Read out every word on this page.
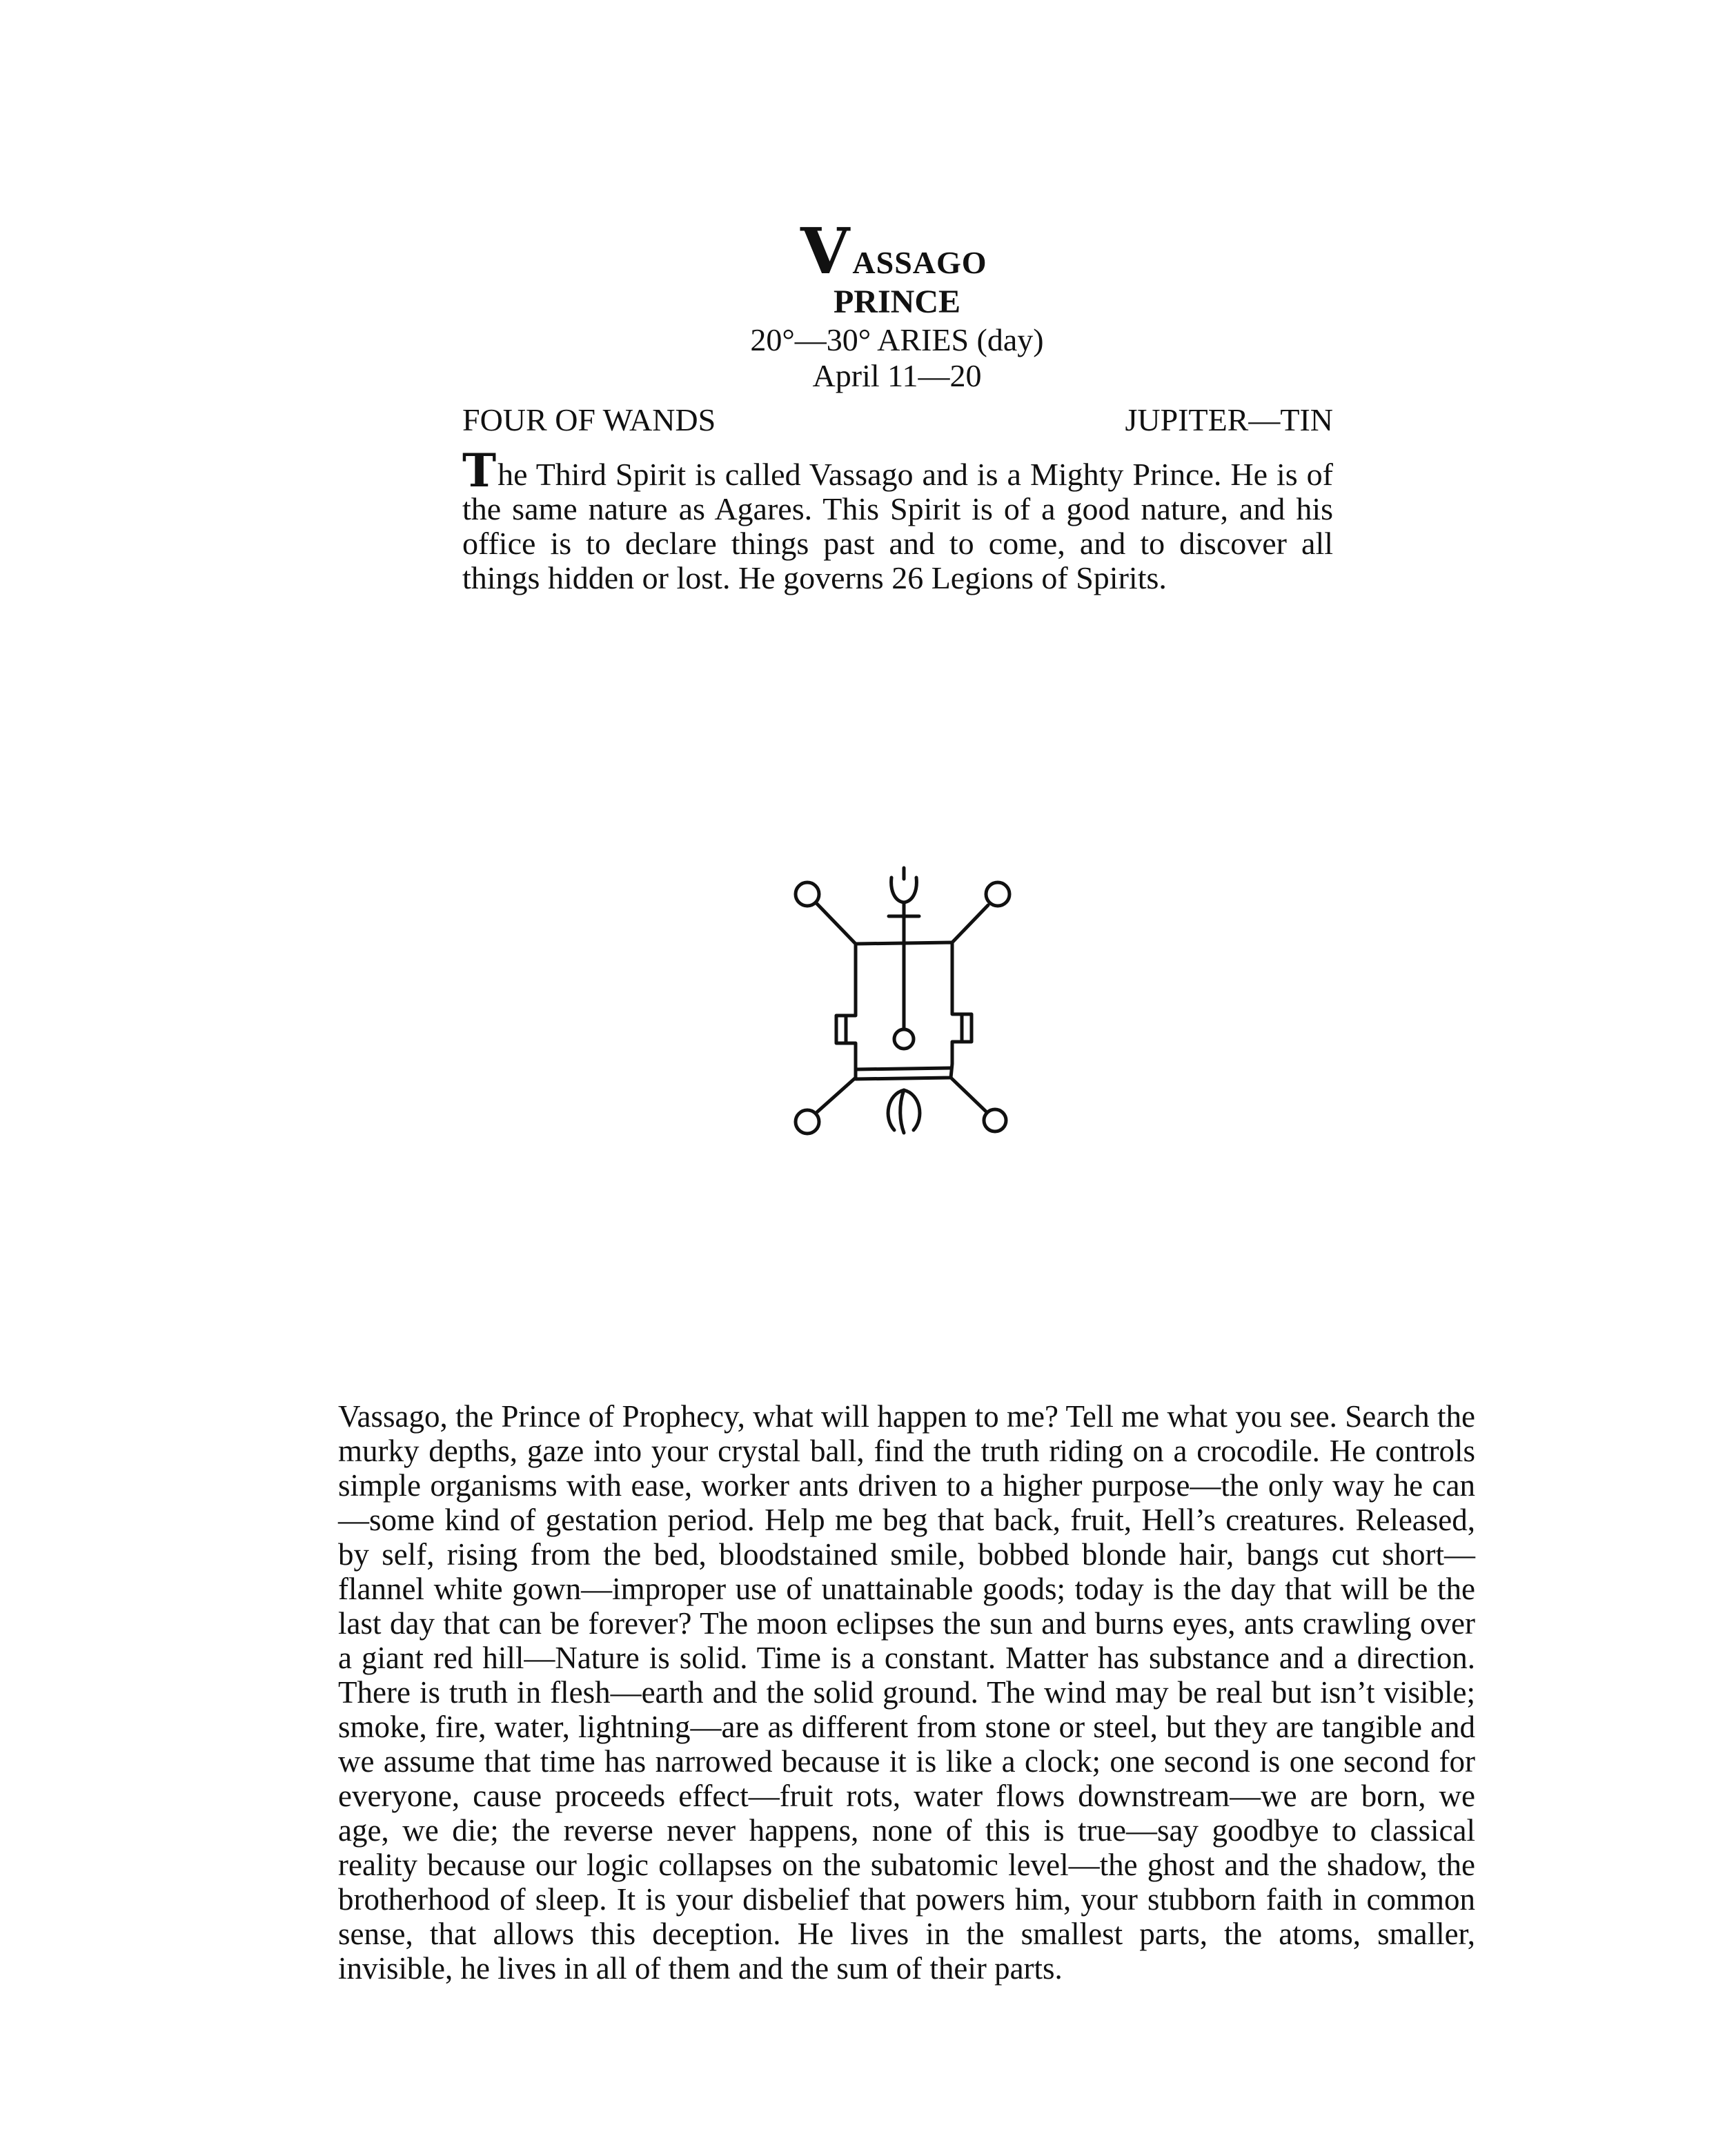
V ASSAGO
PRINCE
20°—30° ARIES (day)
April 11—20
FOUR OF WANDS	JUPITER—TIN

The Third Spirit is called Vassago and is a Mighty Prince. He is of the same nature as Agares. This Spirit is of a good nature, and his office is to declare things past and to come, and to discover all things hidden or lost. He governs 26 Legions of Spirits.

Vassago, the Prince of Prophecy, what will happen to me? Tell me what you see. Search the murky depths, gaze into your crystal ball, find the truth riding on a crocodile. He controls simple organisms with ease, worker ants driven to a higher purpose—the only way he can—some kind of gestation period. Help me beg that back, fruit, Hell’s creatures. Released, by self, rising from the bed, bloodstained smile, bobbed blonde hair, bangs cut short—flannel white gown—improper use of unattainable goods; today is the day that will be the last day that can be forever? The moon eclipses the sun and burns eyes, ants crawling over a giant red hill—Nature is solid. Time is a constant. Matter has substance and a direction. There is truth in flesh—earth and the solid ground. The wind may be real but isn’t visible; smoke, fire, water, lightning—are as different from stone or steel, but they are tangible and we assume that time has narrowed because it is like a clock; one second is one second for everyone, cause proceeds effect—fruit rots, water flows downstream—we are born, we age, we die; the reverse never happens, none of this is true—say goodbye to classical reality because our logic collapses on the subatomic level—the ghost and the shadow, the brotherhood of sleep. It is your disbelief that powers him, your stubborn faith in common sense, that allows this deception. He lives in the smallest parts, the atoms, smaller, invisible, he lives in all of them and the sum of their parts.
